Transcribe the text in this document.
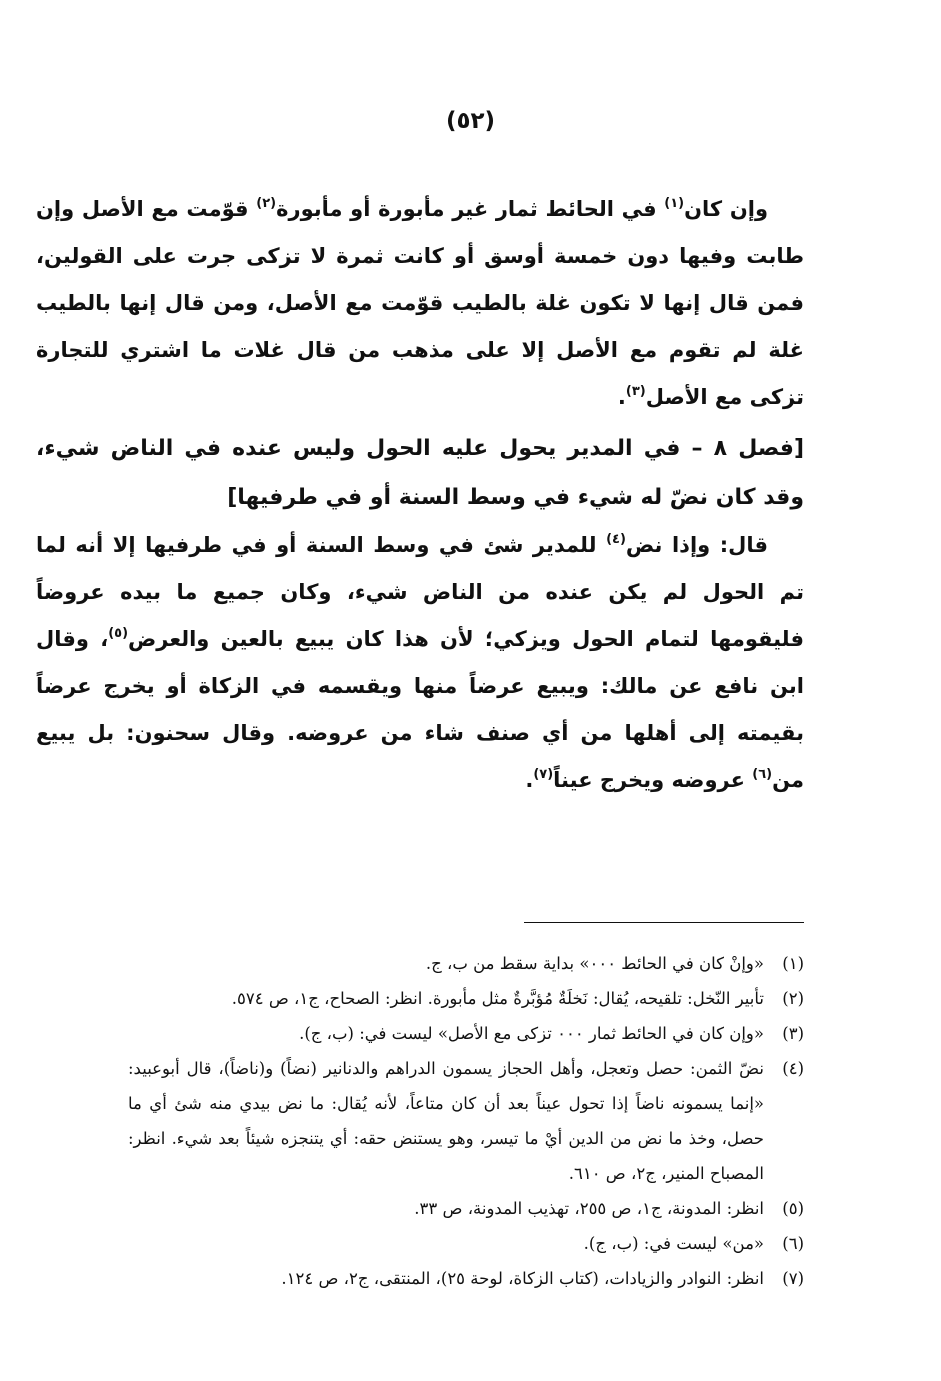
(٥٢)

وإن كان$^{(١)}$ في الحائط ثمار غير مأبورة أو مأبورة$^{(٢)}$ قوّمت مع الأصل وإن طابت وفيها دون خمسة أوسق أو كانت ثمرة لا تزكى جرت على القولين، فمن قال إنها لا تكون غلة بالطيب قوّمت مع الأصل، ومن قال إنها بالطيب غلة لم تقوم مع الأصل إلا على مذهب من قال غلات ما اشتري للتجارة تزكى مع الأصل$^{(٣)}$.

[فصل ٨ – في المدير يحول عليه الحول وليس عنده في الناض شيء، وقد كان نضّ له شيء في وسط السنة أو في طرفيها]

قال: وإذا نض$^{(٤)}$ للمدير شئ في وسط السنة أو في طرفيها إلا أنه لما تم الحول لم يكن عنده من الناض شيء، وكان جميع ما بيده عروضاً فليقومها لتمام الحول ويزكي؛ لأن هذا كان يبيع بالعين والعرض$^{(٥)}$، وقال ابن نافع عن مالك: ويبيع عرضاً منها ويقسمه في الزكاة أو يخرج عرضاً بقيمته إلى أهلها من أي صنف شاء من عروضه. وقال سحنون: بل يبيع من$^{(٦)}$ عروضه ويخرج عيناً$^{(٧)}$.

(١)
«وإنْ كان في الحائط ٠٠٠» بداية سقط من ب، ج.
(٢)
تأبير النّخل: تلقيحه، يُقال: نَخلَةٌ مُؤبَّرةٌ مثل مأبورة. انظر: الصحاح، ج١، ص ٥٧٤.
(٣)
«وإن كان في الحائط ثمار ٠٠٠ تزكى مع الأصل» ليست في: (ب، ج).
(٤)
نضّ الثمن: حصل وتعجل، وأهل الحجاز يسمون الدراهم والدنانير (نضاً) و(ناضاً)، قال أبوعبيد: «إنما يسمونه ناضاً إذا تحول عيناً بعد أن كان متاعاً، لأنه يُقال: ما نض بيدي منه شئ أي ما حصل، وخذ ما نض من الدين أيْ ما تيسر، وهو يستنض حقه: أي يتنجزه شيئاً بعد شيء. انظر: المصباح المنير، ج٢، ص ٦١٠.
(٥)
انظر: المدونة، ج١، ص ٢٥٥، تهذيب المدونة، ص ٣٣.
(٦)
«من» ليست في: (ب، ج).
(٧)
انظر: النوادر والزيادات، (كتاب الزكاة، لوحة ٢٥)، المنتقى، ج٢، ص ١٢٤.
